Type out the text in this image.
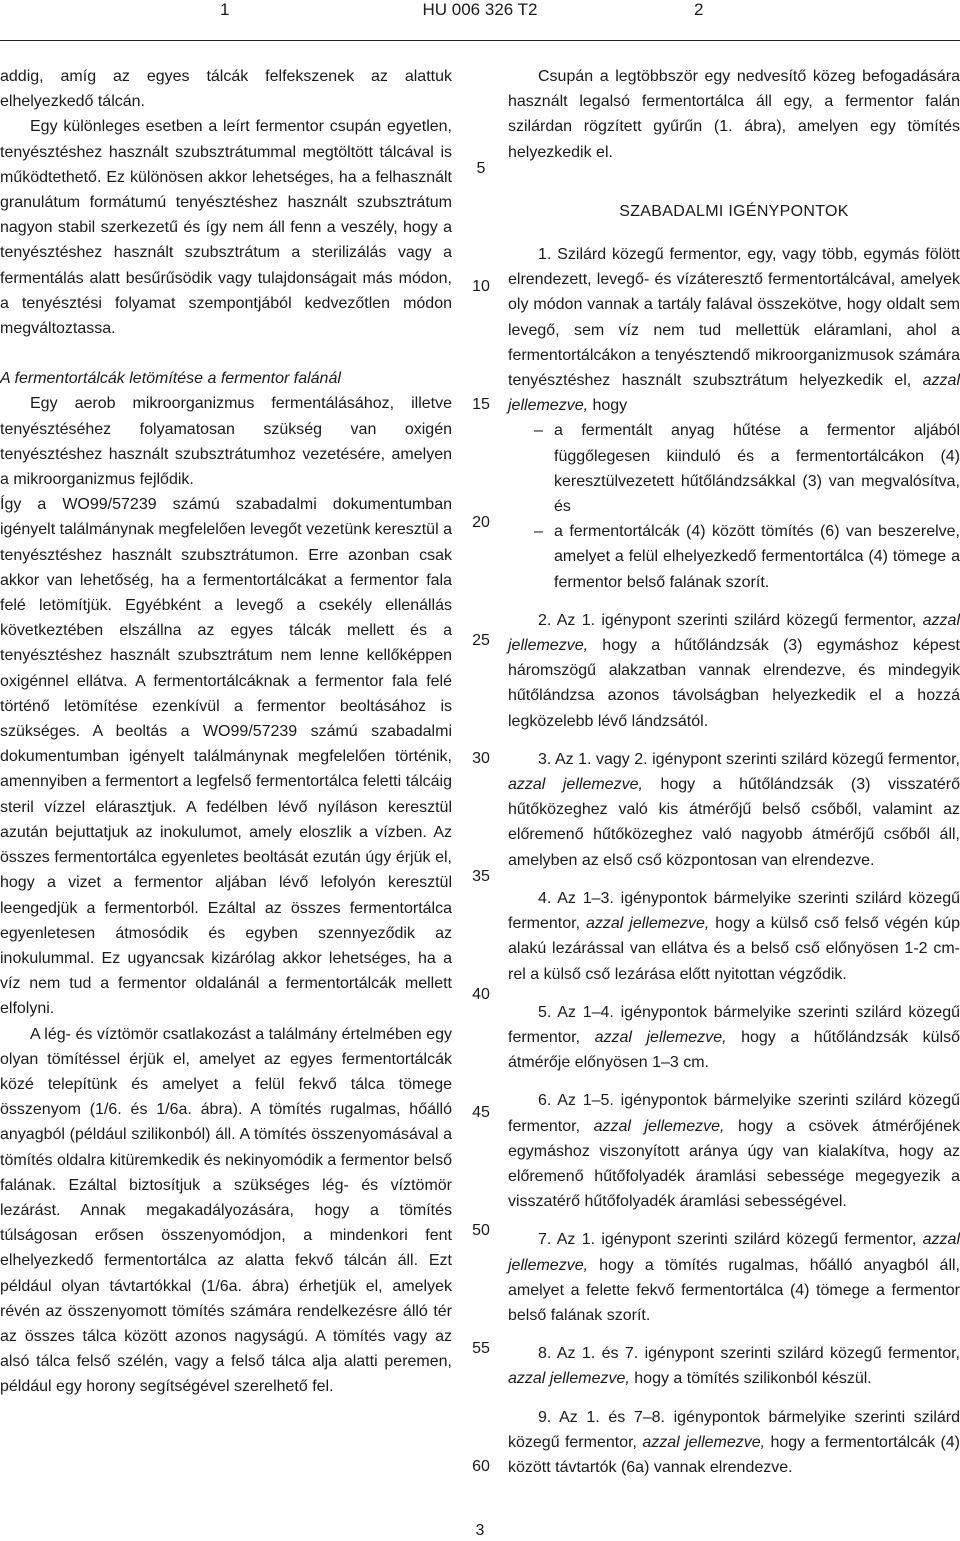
1	HU 006 326 T2	2

addig, amíg az egyes tálcák felfekszenek az alattuk elhelyezkedő tálcán.

Egy különleges esetben a leírt fermentor csupán egyetlen, tenyésztéshez használt szubsztrátummal megtöltött tálcával is működtethető. Ez különösen akkor lehetséges, ha a felhasznált granulátum formátumú tenyésztéshez használt szubsztrátum nagyon stabil szerkezetű és így nem áll fenn a veszély, hogy a tenyésztéshez használt szubsztrátum a sterilizálás vagy a fermentálás alatt besűrűsödik vagy tulajdonságait más módon, a tenyésztési folyamat szempontjából kedvezőtlen módon megváltoztassa.

A fermentortálcák letömítése a fermentor falánál

Egy aerob mikroorganizmus fermentálásához, illetve tenyésztéséhez folyamatosan szükség van oxigén tenyésztéshez használt szubsztrátumhoz vezetésére, amelyen a mikroorganizmus fejlődik.

Így a WO99/57239 számú szabadalmi dokumentumban igényelt találmánynak megfelelően levegőt vezetünk keresztül a tenyésztéshez használt szubsztrátumon. Erre azonban csak akkor van lehetőség, ha a fermentortálcákat a fermentor fala felé letömítjük. Egyébként a levegő a csekély ellenállás következtében elszállna az egyes tálcák mellett és a tenyésztéshez használt szubsztrátum nem lenne kellőképpen oxigénnel ellátva. A fermentortálcáknak a fermentor fala felé történő letömítése ezenkívül a fermentor beoltásához is szükséges. A beoltás a WO99/57239 számú szabadalmi dokumentumban igényelt találmánynak megfelelően történik, amennyiben a fermentort a legfelső fermentortálca feletti tálcáig steril vízzel elárasztjuk. A fedélben lévő nyíláson keresztül azután bejuttatjuk az inokulumot, amely eloszlik a vízben. Az összes fermentortálca egyenletes beoltását ezután úgy érjük el, hogy a vizet a fermentor aljában lévő lefolyón keresztül leengedjük a fermentorból. Ezáltal az összes fermentortálca egyenletesen átmosódik és egyben szennyeződik az inokulummal. Ez ugyancsak kizárólag akkor lehetséges, ha a víz nem tud a fermentor oldalánál a fermentortálcák mellett elfolyni.

A lég- és víztömör csatlakozást a találmány értelmében egy olyan tömítéssel érjük el, amelyet az egyes fermentortálcák közé telepítünk és amelyet a felül fekvő tálca tömege összenyom (1/6. és 1/6a. ábra). A tömítés rugalmas, hőálló anyagból (például szilikonból) áll. A tömítés összenyomásával a tömítés oldalra kitüremkedik és nekinyomódik a fermentor belső falának. Ezáltal biztosítjuk a szükséges lég- és víztömör lezárást. Annak megakadályozására, hogy a tömítés túlságosan erősen összenyomódjon, a mindenkori fent elhelyezkedő fermentortálca az alatta fekvő tálcán áll. Ezt például olyan távtartókkal (1/6a. ábra) érhetjük el, amelyek révén az összenyomott tömítés számára rendelkezésre álló tér az összes tálca között azonos nagyságú. A tömítés vagy az alsó tálca felső szélén, vagy a felső tálca alja alatti peremen, például egy horony segítségével szerelhető fel.

5
10
15
20
25
30
35
40
45
50
55
60

Csupán a legtöbbször egy nedvesítő közeg befogadására használt legalsó fermentortálca áll egy, a fermentor falán szilárdan rögzített gyűrűn (1. ábra), amelyen egy tömítés helyezkedik el.

SZABADALMI IGÉNYPONTOK

1. Szilárd közegű fermentor, egy, vagy több, egymás fölött elrendezett, levegő- és vízáteresztő fermentortálcával, amelyek oly módon vannak a tartály falával összekötve, hogy oldalt sem levegő, sem víz nem tud mellettük eláramlani, ahol a fermentortálcákon a tenyésztendő mikroorganizmusok számára tenyésztéshez használt szubsztrátum helyezkedik el, azzal jellemezve, hogy

– a fermentált anyag hűtése a fermentor aljából függőlegesen kiinduló és a fermentortálcákon (4) keresztülvezetett hűtőlándzsákkal (3) van megvalósítva, és

– a fermentortálcák (4) között tömítés (6) van beszerelve, amelyet a felül elhelyezkedő fermentortálca (4) tömege a fermentor belső falának szorít.

2. Az 1. igénypont szerinti szilárd közegű fermentor, azzal jellemezve, hogy a hűtőlándzsák (3) egymáshoz képest háromszögű alakzatban vannak elrendezve, és mindegyik hűtőlándzsa azonos távolságban helyezkedik el a hozzá legközelebb lévő lándzsától.

3. Az 1. vagy 2. igénypont szerinti szilárd közegű fermentor, azzal jellemezve, hogy a hűtőlándzsák (3) visszatérő hűtőközeghez való kis átmérőjű belső csőből, valamint az előremenő hűtőközeghez való nagyobb átmérőjű csőből áll, amelyben az első cső központosan van elrendezve.

4. Az 1–3. igénypontok bármelyike szerinti szilárd közegű fermentor, azzal jellemezve, hogy a külső cső felső végén kúp alakú lezárással van ellátva és a belső cső előnyösen 1-2 cm-rel a külső cső lezárása előtt nyitottan végződik.

5. Az 1–4. igénypontok bármelyike szerinti szilárd közegű fermentor, azzal jellemezve, hogy a hűtőlándzsák külső átmérője előnyösen 1–3 cm.

6. Az 1–5. igénypontok bármelyike szerinti szilárd közegű fermentor, azzal jellemezve, hogy a csövek átmérőjének egymáshoz viszonyított aránya úgy van kialakítva, hogy az előremenő hűtőfolyadék áramlási sebessége megegyezik a visszatérő hűtőfolyadék áramlási sebességével.

7. Az 1. igénypont szerinti szilárd közegű fermentor, azzal jellemezve, hogy a tömítés rugalmas, hőálló anyagból áll, amelyet a felette fekvő fermentortálca (4) tömege a fermentor belső falának szorít.

8. Az 1. és 7. igénypont szerinti szilárd közegű fermentor, azzal jellemezve, hogy a tömítés szilikonból készül.

9. Az 1. és 7–8. igénypontok bármelyike szerinti szilárd közegű fermentor, azzal jellemezve, hogy a fermentortálcák (4) között távtartók (6a) vannak elrendezve.

3
